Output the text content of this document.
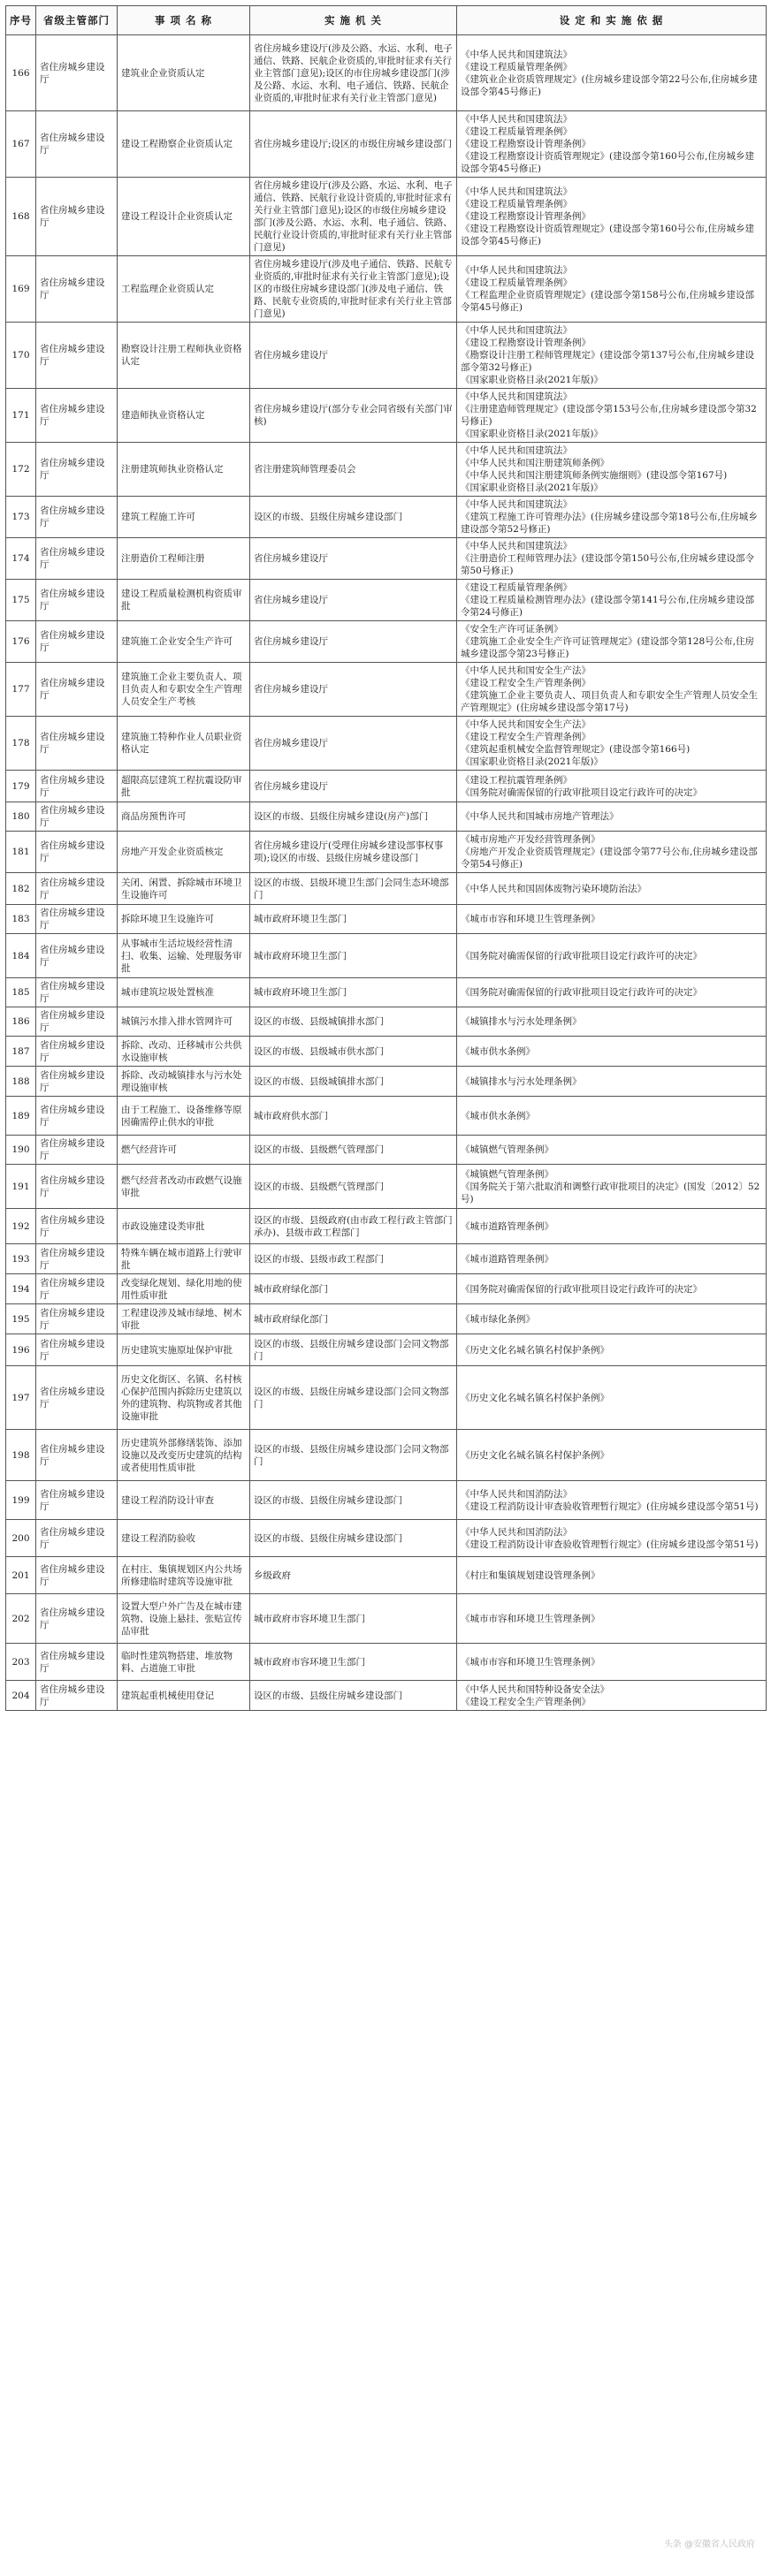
序号	省级主管部门	事 项 名 称	实 施 机 关	设 定 和 实 施 依 据
166	省住房城乡建设厅	建筑业企业资质认定	省住房城乡建设厅(涉及公路、水运、水利、电子通信、铁路、民航企业资质的,审批时征求有关行业主管部门意见);设区的市住房城乡建设部门(涉及公路、水运、水利、电子通信、铁路、民航企业资质的,审批时征求有关行业主管部门意见)	《中华人民共和国建筑法》
《建设工程质量管理条例》
《建筑业企业资质管理规定》(住房城乡建设部令第22号公布,住房城乡建设部令第45号修正)

167	省住房城乡建设厅	建设工程勘察企业资质认定	省住房城乡建设厅;设区的市级住房城乡建设部门	《中华人民共和国建筑法》
《建设工程质量管理条例》
《建设工程勘察设计管理条例》
《建设工程勘察设计资质管理规定》(建设部令第160号公布,住房城乡建设部令第45号修正)

168	省住房城乡建设厅	建设工程设计企业资质认定	省住房城乡建设厅(涉及公路、水运、水利、电子通信、铁路、民航行业设计资质的,审批时征求有关行业主管部门意见);设区的市级住房城乡建设部门(涉及公路、水运、水利、电子通信、铁路、民航行业设计资质的,审批时征求有关行业主管部门意见)	《中华人民共和国建筑法》
《建设工程质量管理条例》
《建设工程勘察设计管理条例》
《建设工程勘察设计资质管理规定》(建设部令第160号公布,住房城乡建设部令第45号修正)

169	省住房城乡建设厅	工程监理企业资质认定	省住房城乡建设厅(涉及电子通信、铁路、民航专业资质的,审批时征求有关行业主管部门意见);设区的市级住房城乡建设部门(涉及电子通信、铁路、民航专业资质的,审批时征求有关行业主管部门意见)	《中华人民共和国建筑法》
《建设工程质量管理条例》
《工程监理企业资质管理规定》(建设部令第158号公布,住房城乡建设部令第45号修正)

170	省住房城乡建设厅	勘察设计注册工程师执业资格认定	省住房城乡建设厅	《中华人民共和国建筑法》
《建设工程勘察设计管理条例》
《勘察设计注册工程师管理规定》(建设部令第137号公布,住房城乡建设部令第32号修正)
《国家职业资格目录(2021年版)》

171	省住房城乡建设厅	建造师执业资格认定	省住房城乡建设厅(部分专业会同省级有关部门审核)	《中华人民共和国建筑法》
《注册建造师管理规定》(建设部令第153号公布,住房城乡建设部令第32号修正)
《国家职业资格目录(2021年版)》

172	省住房城乡建设厅	注册建筑师执业资格认定	省注册建筑师管理委员会	《中华人民共和国建筑法》
《中华人民共和国注册建筑师条例》
《中华人民共和国注册建筑师条例实施细则》(建设部令第167号)
《国家职业资格目录(2021年版)》

173	省住房城乡建设厅	建筑工程施工许可	设区的市级、县级住房城乡建设部门	《中华人民共和国建筑法》
《建筑工程施工许可管理办法》(住房城乡建设部令第18号公布,住房城乡建设部令第52号修正)

174	省住房城乡建设厅	注册造价工程师注册	省住房城乡建设厅	《中华人民共和国建筑法》
《注册造价工程师管理办法》(建设部令第150号公布,住房城乡建设部令第50号修正)

175	省住房城乡建设厅	建设工程质量检测机构资质审批	省住房城乡建设厅	《建设工程质量管理条例》
《建设工程质量检测管理办法》(建设部令第141号公布,住房城乡建设部令第24号修正)

176	省住房城乡建设厅	建筑施工企业安全生产许可	省住房城乡建设厅	《安全生产许可证条例》
《建筑施工企业安全生产许可证管理规定》(建设部令第128号公布,住房城乡建设部令第23号修正)

177	省住房城乡建设厅	建筑施工企业主要负责人、项目负责人和专职安全生产管理人员安全生产考核	省住房城乡建设厅	《中华人民共和国安全生产法》
《建设工程安全生产管理条例》
《建筑施工企业主要负责人、项目负责人和专职安全生产管理人员安全生产管理规定》(住房城乡建设部令第17号)

178	省住房城乡建设厅	建筑施工特种作业人员职业资格认定	省住房城乡建设厅	《中华人民共和国安全生产法》
《建设工程安全生产管理条例》
《建筑起重机械安全监督管理规定》(建设部令第166号)
《国家职业资格目录(2021年版)》

179	省住房城乡建设厅	超限高层建筑工程抗震设防审批	省住房城乡建设厅	《建设工程抗震管理条例》
《国务院对确需保留的行政审批项目设定行政许可的决定》

180	省住房城乡建设厅	商品房预售许可	设区的市级、县级住房城乡建设(房产)部门	《中华人民共和国城市房地产管理法》

181	省住房城乡建设厅	房地产开发企业资质核定	省住房城乡建设厅(受理住房城乡建设部事权事项);设区的市级、县级住房城乡建设部门	《城市房地产开发经营管理条例》
《房地产开发企业资质管理规定》(建设部令第77号公布,住房城乡建设部令第54号修正)

182	省住房城乡建设厅	关闭、闲置、拆除城市环境卫生设施许可	设区的市级、县级环境卫生部门会同生态环境部门	《中华人民共和国固体废物污染环境防治法》

183	省住房城乡建设厅	拆除环境卫生设施许可	城市政府环境卫生部门	《城市市容和环境卫生管理条例》

184	省住房城乡建设厅	从事城市生活垃圾经营性清扫、收集、运输、处理服务审批	城市政府环境卫生部门	《国务院对确需保留的行政审批项目设定行政许可的决定》

185	省住房城乡建设厅	城市建筑垃圾处置核准	城市政府环境卫生部门	《国务院对确需保留的行政审批项目设定行政许可的决定》

186	省住房城乡建设厅	城镇污水排入排水管网许可	设区的市级、县级城镇排水部门	《城镇排水与污水处理条例》

187	省住房城乡建设厅	拆除、改动、迁移城市公共供水设施审核	设区的市级、县级城市供水部门	《城市供水条例》

188	省住房城乡建设厅	拆除、改动城镇排水与污水处理设施审核	设区的市级、县级城镇排水部门	《城镇排水与污水处理条例》

189	省住房城乡建设厅	由于工程施工、设备维修等原因确需停止供水的审批	城市政府供水部门	《城市供水条例》

190	省住房城乡建设厅	燃气经营许可	设区的市级、县级燃气管理部门	《城镇燃气管理条例》

191	省住房城乡建设厅	燃气经营者改动市政燃气设施审批	设区的市级、县级燃气管理部门	《城镇燃气管理条例》
《国务院关于第六批取消和调整行政审批项目的决定》(国发〔2012〕52号)

192	省住房城乡建设厅	市政设施建设类审批	设区的市级、县级政府(由市政工程行政主管部门承办)、县级市政工程部门	《城市道路管理条例》

193	省住房城乡建设厅	特殊车辆在城市道路上行驶审批	设区的市级、县级市政工程部门	《城市道路管理条例》

194	省住房城乡建设厅	改变绿化规划、绿化用地的使用性质审批	城市政府绿化部门	《国务院对确需保留的行政审批项目设定行政许可的决定》

195	省住房城乡建设厅	工程建设涉及城市绿地、树木审批	城市政府绿化部门	《城市绿化条例》

196	省住房城乡建设厅	历史建筑实施原址保护审批	设区的市级、县级住房城乡建设部门会同文物部门	《历史文化名城名镇名村保护条例》

197	省住房城乡建设厅	历史文化街区、名镇、名村核心保护范围内拆除历史建筑以外的建筑物、构筑物或者其他设施审批	设区的市级、县级住房城乡建设部门会同文物部门	《历史文化名城名镇名村保护条例》

198	省住房城乡建设厅	历史建筑外部修缮装饰、添加设施以及改变历史建筑的结构或者使用性质审批	设区的市级、县级住房城乡建设部门会同文物部门	《历史文化名城名镇名村保护条例》

199	省住房城乡建设厅	建设工程消防设计审查	设区的市级、县级住房城乡建设部门	《中华人民共和国消防法》
《建设工程消防设计审查验收管理暂行规定》(住房城乡建设部令第51号)

200	省住房城乡建设厅	建设工程消防验收	设区的市级、县级住房城乡建设部门	《中华人民共和国消防法》
《建设工程消防设计审查验收管理暂行规定》(住房城乡建设部令第51号)

201	省住房城乡建设厅	在村庄、集镇规划区内公共场所修建临时建筑等设施审批	乡级政府	《村庄和集镇规划建设管理条例》

202	省住房城乡建设厅	设置大型户外广告及在城市建筑物、设施上悬挂、张贴宣传品审批	城市政府市容环境卫生部门	《城市市容和环境卫生管理条例》

203	省住房城乡建设厅	临时性建筑物搭建、堆放物料、占道施工审批	城市政府市容环境卫生部门	《城市市容和环境卫生管理条例》

204	省住房城乡建设厅	建筑起重机械使用登记	设区的市级、县级住房城乡建设部门	《中华人民共和国特种设备安全法》
《建设工程安全生产管理条例》
头条 @安徽省人民政府
